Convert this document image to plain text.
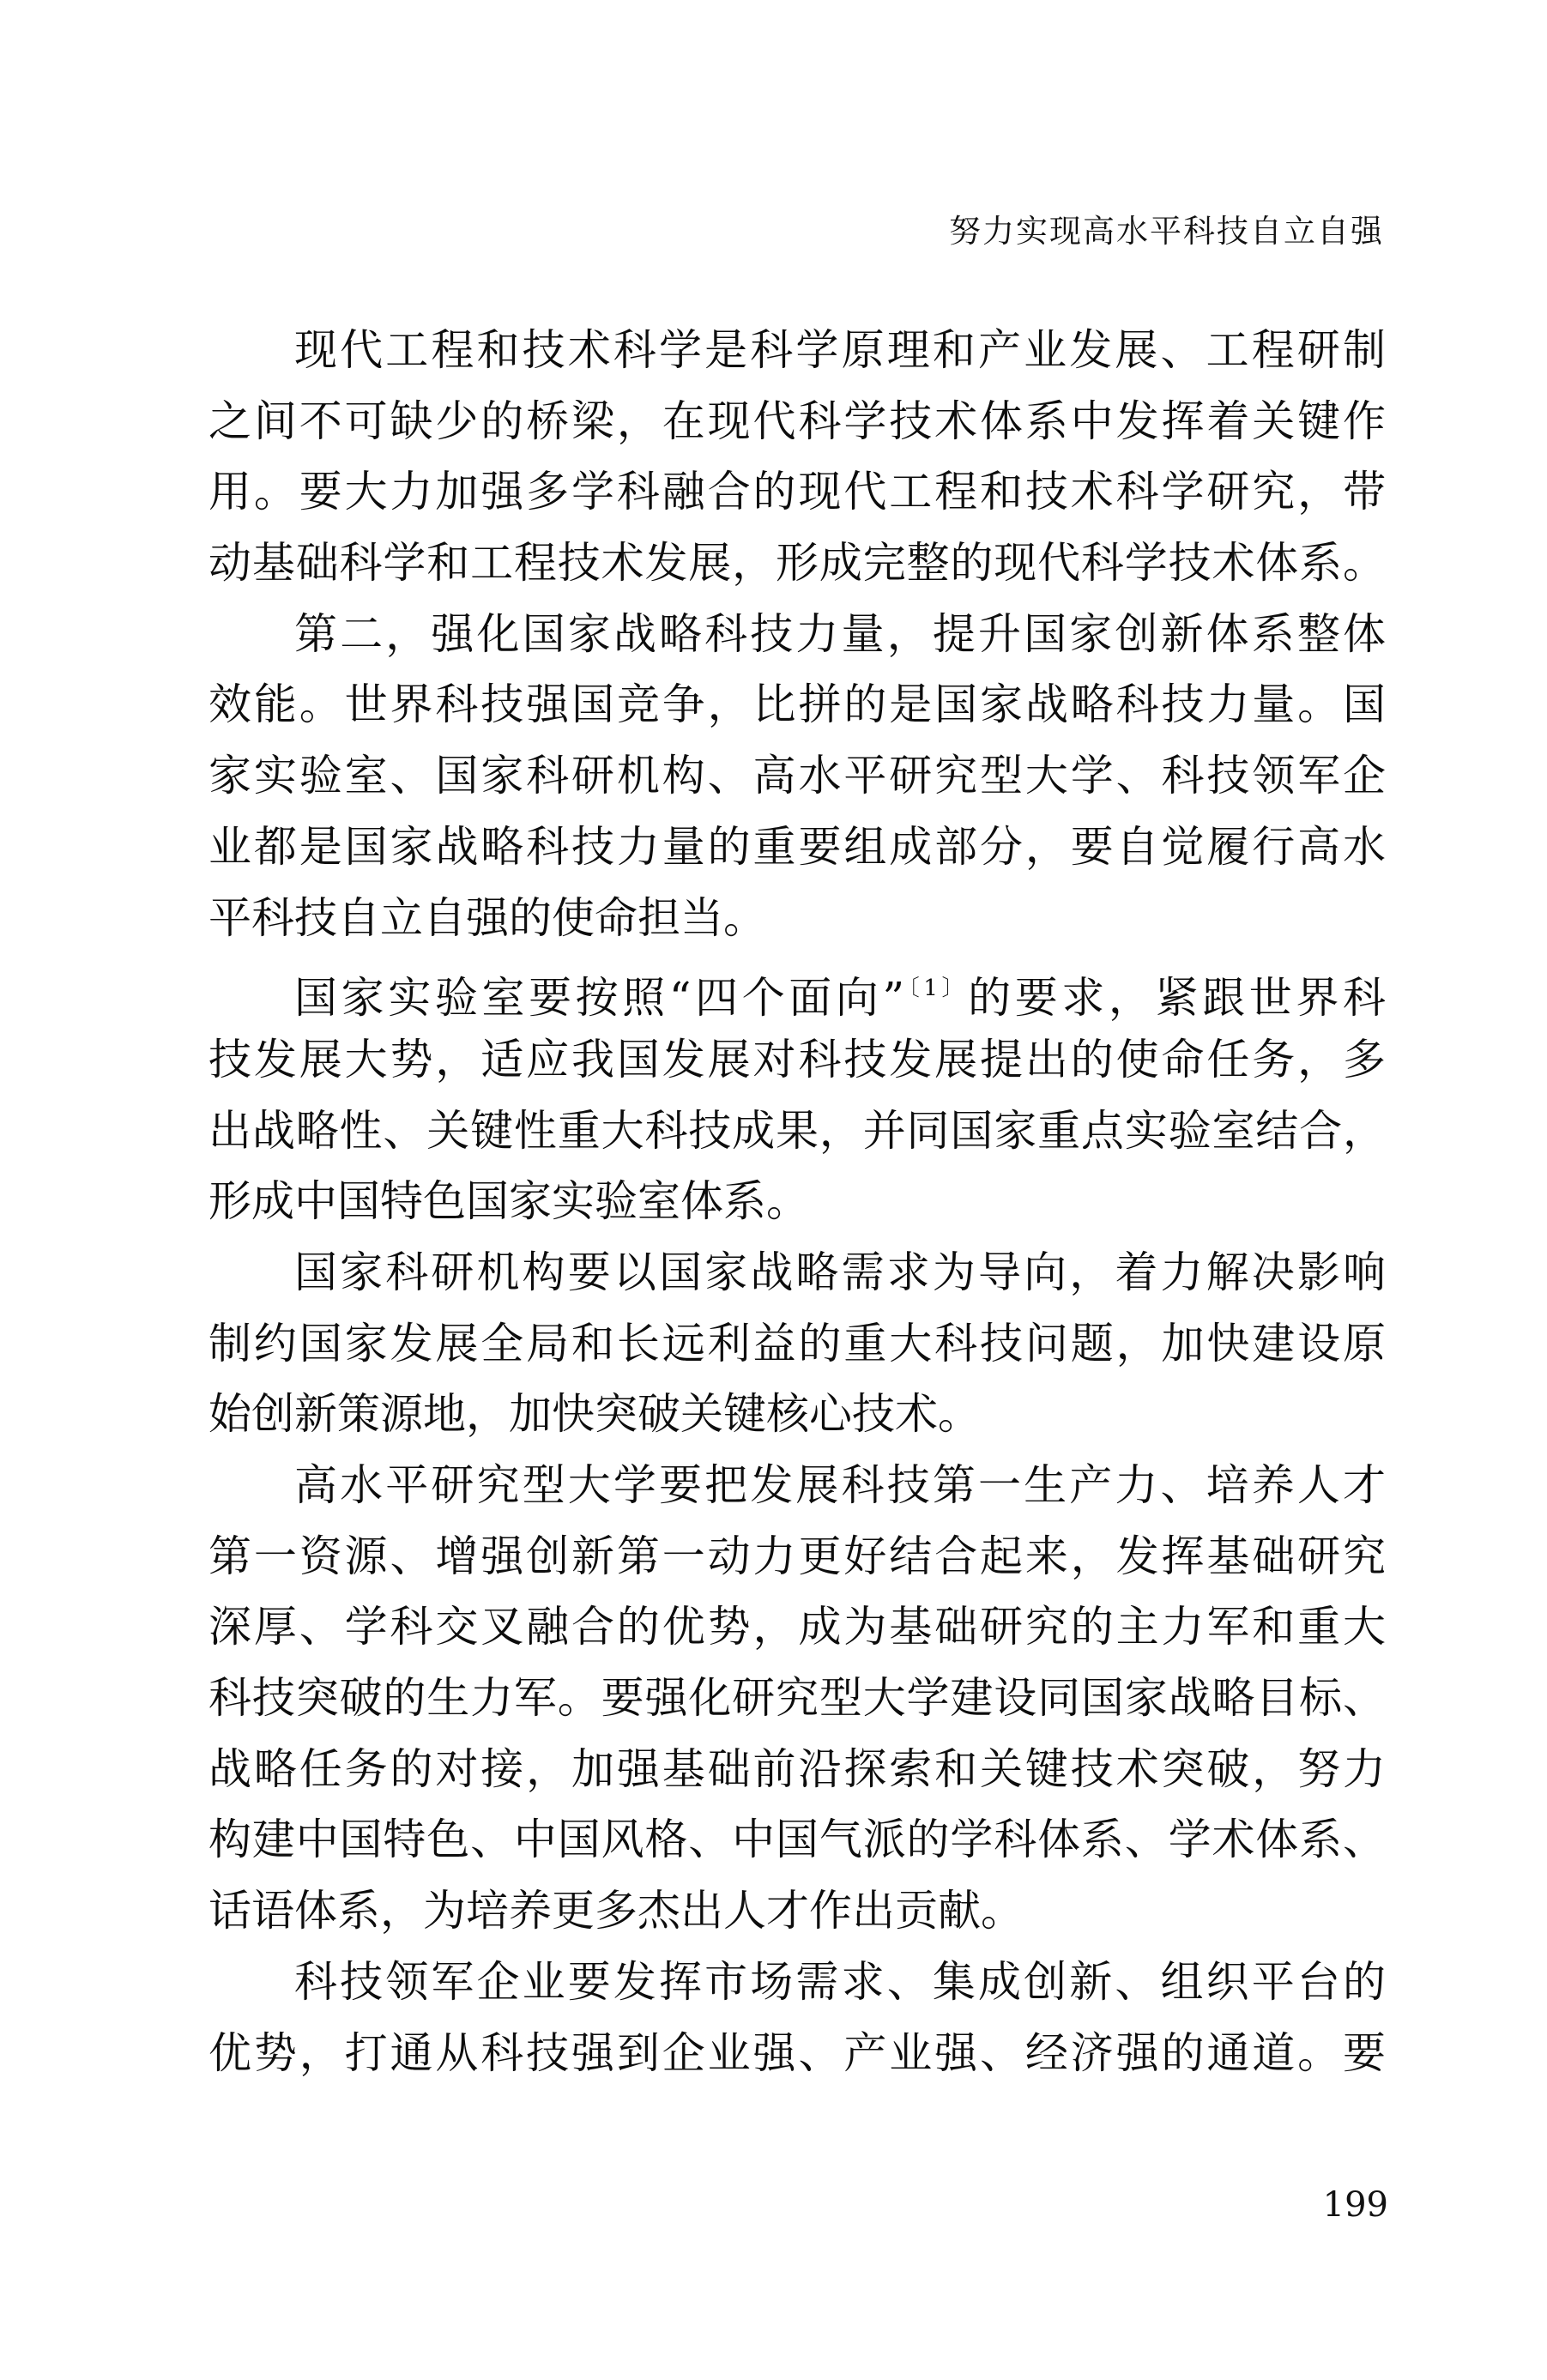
努力实现高水平科技自立自强
现代工程和技术科学是科学原理和产业发展、工程研制
之间不可缺少的桥梁，在现代科学技术体系中发挥着关键作
用。要大力加强多学科融合的现代工程和技术科学研究，带
动基础科学和工程技术发展，形成完整的现代科学技术体系。
第二，强化国家战略科技力量，提升国家创新体系整体
效能。世界科技强国竞争，比拼的是国家战略科技力量。国
家实验室、国家科研机构、高水平研究型大学、科技领军企
业都是国家战略科技力量的重要组成部分，要自觉履行高水
平科技自立自强的使命担当。
国家实验室要按照“四个面向”$^{〔1〕}$的要求，紧跟世界科
技发展大势，适应我国发展对科技发展提出的使命任务，多
出战略性、关键性重大科技成果，并同国家重点实验室结合，
形成中国特色国家实验室体系。
国家科研机构要以国家战略需求为导向，着力解决影响
制约国家发展全局和长远利益的重大科技问题，加快建设原
始创新策源地，加快突破关键核心技术。
高水平研究型大学要把发展科技第一生产力、培养人才
第一资源、增强创新第一动力更好结合起来，发挥基础研究
深厚、学科交叉融合的优势，成为基础研究的主力军和重大
科技突破的生力军。要强化研究型大学建设同国家战略目标、
战略任务的对接，加强基础前沿探索和关键技术突破，努力
构建中国特色、中国风格、中国气派的学科体系、学术体系、
话语体系，为培养更多杰出人才作出贡献。
科技领军企业要发挥市场需求、集成创新、组织平台的
优势，打通从科技强到企业强、产业强、经济强的通道。要
199
